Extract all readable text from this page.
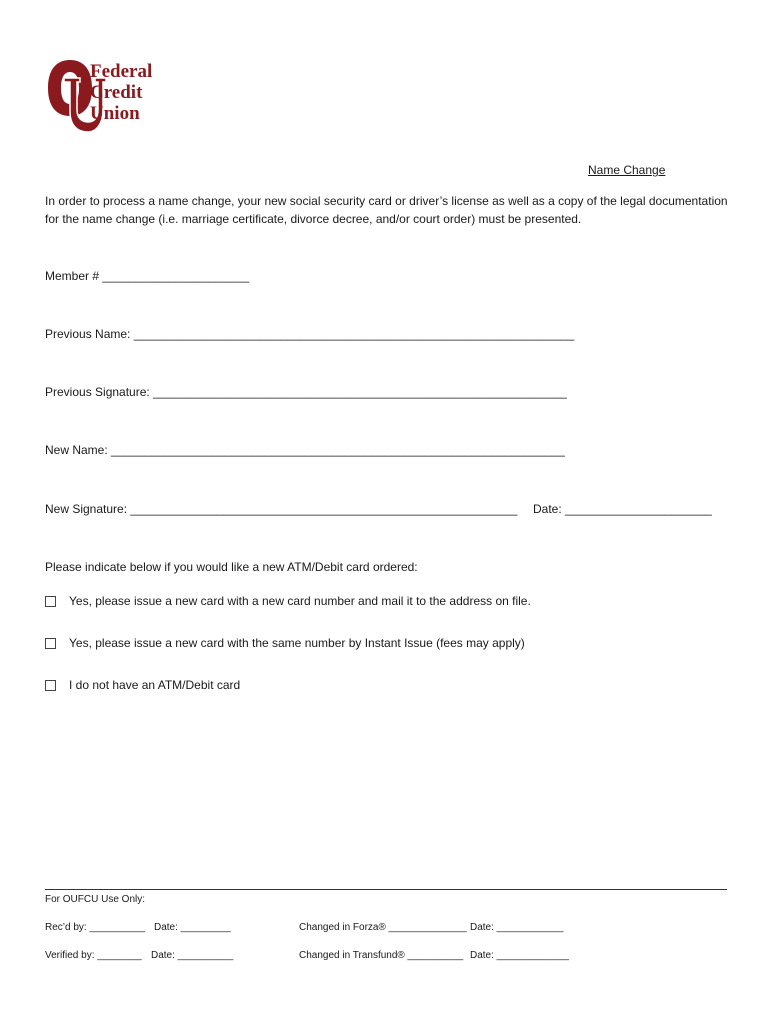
Federal
Credit
Union
Name Change
In order to process a name change, your new social security card or driver’s license as well as a copy of the legal documentation for the name change (i.e. marriage certificate, divorce decree, and/or court order) must be presented.
Member # ______________________
Previous Name: __________________________________________________________________
Previous Signature: ______________________________________________________________
New Name: ____________________________________________________________________
New Signature: __________________________________________________________ Date: ______________________
Please indicate below if you would like a new ATM/Debit card ordered:
Yes, please issue a new card with a new card number and mail it to the address on file.
Yes, please issue a new card with the same number by Instant Issue (fees may apply)
I do not have an ATM/Debit card
For OUFCU Use Only:
Rec’d by: __________ Date: _________	Changed in Forza® ______________ Date: ____________
Verified by: ________ Date: __________	Changed in Transfund® __________ Date: _____________
